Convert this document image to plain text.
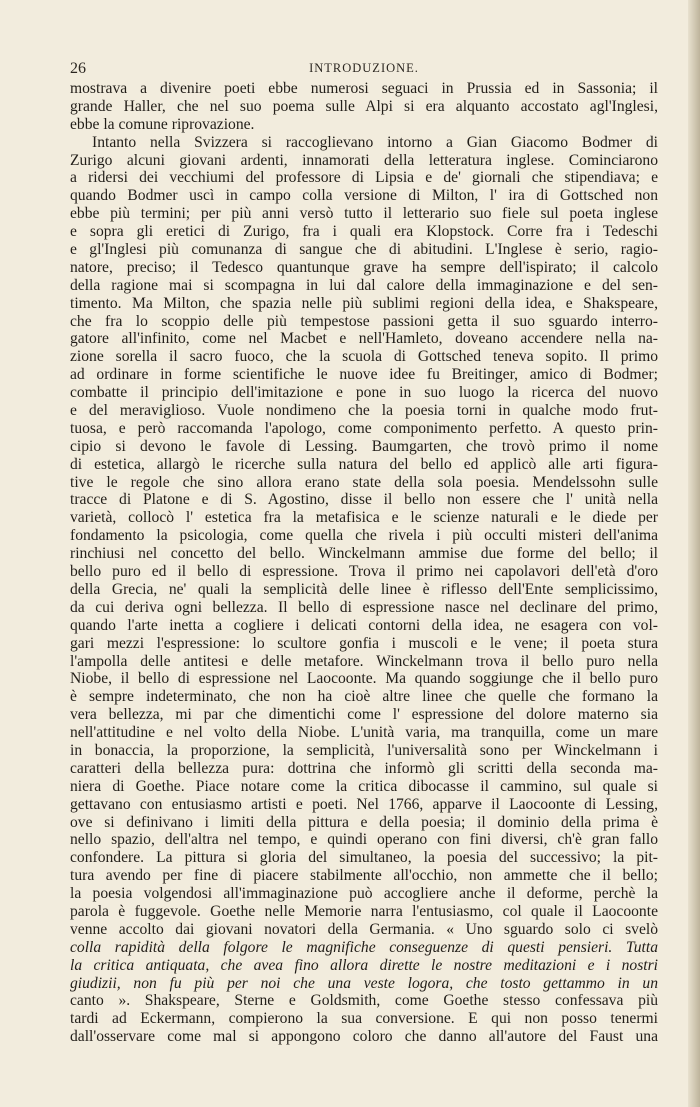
26	INTRODUZIONE.
mostrava a divenire poeti ebbe numerosi seguaci in Prussia ed in Sassonia; il
grande Haller, che nel suo poema sulle Alpi si era alquanto accostato agl'Inglesi,
ebbe la comune riprovazione.
Intanto nella Svizzera si raccoglievano intorno a Gian Giacomo Bodmer di
Zurigo alcuni giovani ardenti, innamorati della letteratura inglese. Cominciarono
a ridersi dei vecchiumi del professore di Lipsia e de' giornali che stipendiava; e
quando Bodmer uscì in campo colla versione di Milton, l' ira di Gottsched non
ebbe più termini; per più anni versò tutto il letterario suo fiele sul poeta inglese
e sopra gli eretici di Zurigo, fra i quali era Klopstock. Corre fra i Tedeschi
e gl'Inglesi più comunanza di sangue che di abitudini. L'Inglese è serio, ragio-
natore, preciso; il Tedesco quantunque grave ha sempre dell'ispirato; il calcolo
della ragione mai si scompagna in lui dal calore della immaginazione e del sen-
timento. Ma Milton, che spazia nelle più sublimi regioni della idea, e Shakspeare,
che fra lo scoppio delle più tempestose passioni getta il suo sguardo interro-
gatore all'infinito, come nel Macbet e nell'Hamleto, doveano accendere nella na-
zione sorella il sacro fuoco, che la scuola di Gottsched teneva sopito. Il primo
ad ordinare in forme scientifiche le nuove idee fu Breitinger, amico di Bodmer;
combatte il principio dell'imitazione e pone in suo luogo la ricerca del nuovo
e del meraviglioso. Vuole nondimeno che la poesia torni in qualche modo frut-
tuosa, e però raccomanda l'apologo, come componimento perfetto. A questo prin-
cipio si devono le favole di Lessing. Baumgarten, che trovò primo il nome
di estetica, allargò le ricerche sulla natura del bello ed applicò alle arti figura-
tive le regole che sino allora erano state della sola poesia. Mendelssohn sulle
tracce di Platone e di S. Agostino, disse il bello non essere che l' unità nella
varietà, collocò l' estetica fra la metafisica e le scienze naturali e le diede per
fondamento la psicologia, come quella che rivela i più occulti misteri dell'anima
rinchiusi nel concetto del bello. Winckelmann ammise due forme del bello; il
bello puro ed il bello di espressione. Trova il primo nei capolavori dell'età d'oro
della Grecia, ne' quali la semplicità delle linee è riflesso dell'Ente semplicissimo,
da cui deriva ogni bellezza. Il bello di espressione nasce nel declinare del primo,
quando l'arte inetta a cogliere i delicati contorni della idea, ne esagera con vol-
gari mezzi l'espressione: lo scultore gonfia i muscoli e le vene; il poeta stura
l'ampolla delle antitesi e delle metafore. Winckelmann trova il bello puro nella
Niobe, il bello di espressione nel Laocoonte. Ma quando soggiunge che il bello puro
è sempre indeterminato, che non ha cioè altre linee che quelle che formano la
vera bellezza, mi par che dimentichi come l' espressione del dolore materno sia
nell'attitudine e nel volto della Niobe. L'unità varia, ma tranquilla, come un mare
in bonaccia, la proporzione, la semplicità, l'universalità sono per Winckelmann i
caratteri della bellezza pura: dottrina che informò gli scritti della seconda ma-
niera di Goethe. Piace notare come la critica dibocasse il cammino, sul quale si
gettavano con entusiasmo artisti e poeti. Nel 1766, apparve il Laocoonte di Lessing,
ove si definivano i limiti della pittura e della poesia; il dominio della prima è
nello spazio, dell'altra nel tempo, e quindi operano con fini diversi, ch'è gran fallo
confondere. La pittura si gloria del simultaneo, la poesia del successivo; la pit-
tura avendo per fine di piacere stabilmente all'occhio, non ammette che il bello;
la poesia volgendosi all'immaginazione può accogliere anche il deforme, perchè la
parola è fuggevole. Goethe nelle Memorie narra l'entusiasmo, col quale il Laocoonte
venne accolto dai giovani novatori della Germania. « Uno sguardo solo ci svelò
colla rapidità della folgore le magnifiche conseguenze di questi pensieri. Tutta
la critica antiquata, che avea fino allora dirette le nostre meditazioni e i nostri
giudizii, non fu più per noi che una veste logora, che tosto gettammo in un
canto ». Shakspeare, Sterne e Goldsmith, come Goethe stesso confessava più
tardi ad Eckermann, compierono la sua conversione. E qui non posso tenermi
dall'osservare come mal si appongono coloro che danno all'autore del Faust una
